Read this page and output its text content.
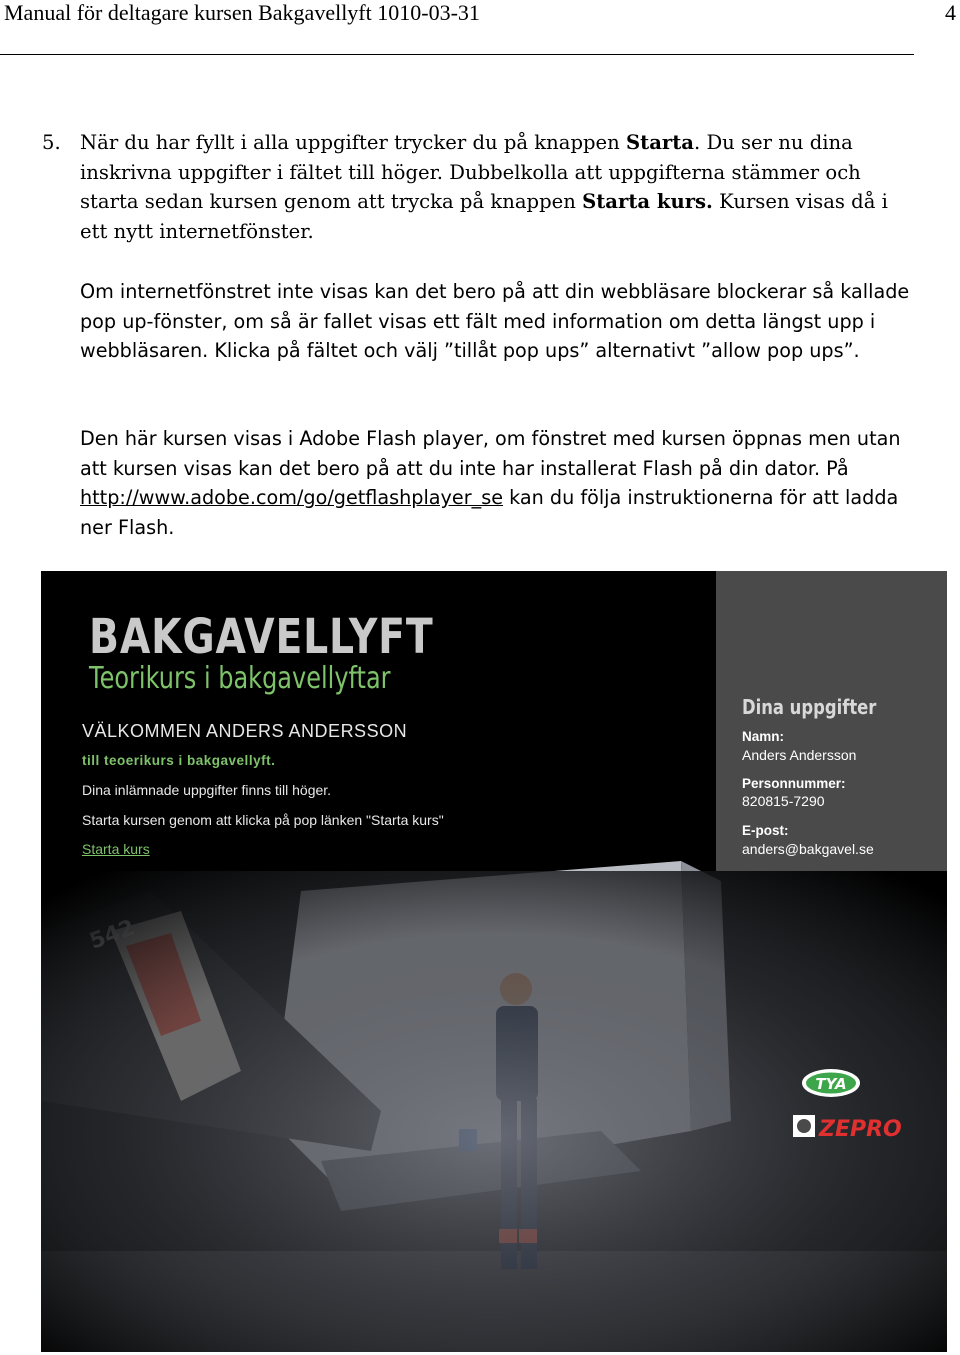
Manual för deltagare kursen Bakgavellyft 1010-03-31	4
5. När du har fyllt i alla uppgifter trycker du på knappen Starta. Du ser nu dina inskrivna uppgifter i fältet till höger. Dubbelkolla att uppgifterna stämmer och starta sedan kursen genom att trycka på knappen Starta kurs. Kursen visas då i ett nytt internetfönster.
Om internetfönstret inte visas kan det bero på att din webbläsare blockerar så kallade pop up-fönster, om så är fallet visas ett fält med information om detta längst upp i webbläsaren. Klicka på fältet och välj ”tillåt pop ups” alternativt ”allow pop ups”.
Den här kursen visas i Adobe Flash player, om fönstret med kursen öppnas men utan att kursen visas kan det bero på att du inte har installerat Flash på din dator. På http://www.adobe.com/go/getflashplayer_se kan du följa instruktionerna för att ladda ner Flash.
BAKGAVELLYFT
Teorikurs i bakgavellyftar
VÄLKOMMEN ANDERS ANDERSSON
till teoerikurs i bakgavellyft.
Dina inlämnade uppgifter finns till höger.
Starta kursen genom att klicka på pop länken "Starta kurs"
Starta kurs
Dina uppgifter
Namn:
Anders Andersson
Personnummer:
820815-7290
E-post:
anders@bakgavel.se
TYA
ZEPRO
